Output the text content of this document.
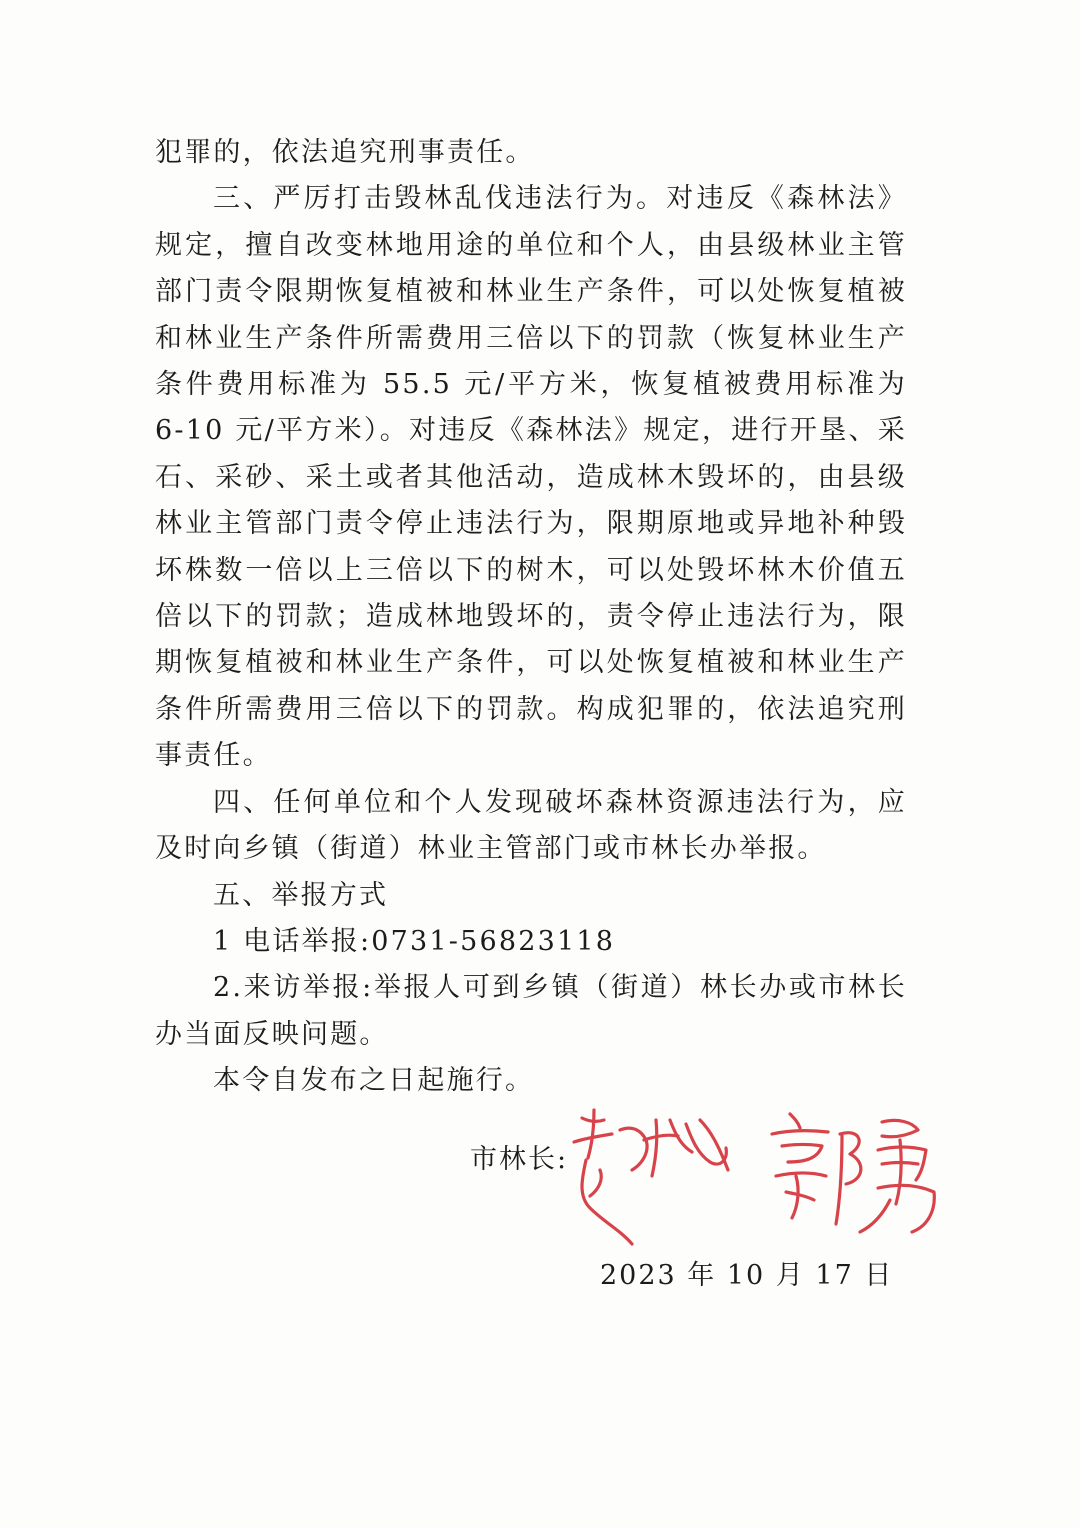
犯罪的，依法追究刑事责任。

三、严厉打击毁林乱伐违法行为。对违反《森林法》规定，擅自改变林地用途的单位和个人，由县级林业主管部门责令限期恢复植被和林业生产条件，可以处恢复植被和林业生产条件所需费用三倍以下的罚款（恢复林业生产条件费用标准为 55.5 元/平方米，恢复植被费用标准为 6-10 元/平方米）。对违反《森林法》规定，进行开垦、采石、采砂、采土或者其他活动，造成林木毁坏的，由县级林业主管部门责令停止违法行为，限期原地或异地补种毁坏株数一倍以上三倍以下的树木，可以处毁坏林木价值五倍以下的罚款；造成林地毁坏的，责令停止违法行为，限期恢复植被和林业生产条件，可以处恢复植被和林业生产条件所需费用三倍以下的罚款。构成犯罪的，依法追究刑事责任。

四、任何单位和个人发现破坏森林资源违法行为，应及时向乡镇（街道）林业主管部门或市林长办举报。

五、举报方式

1 电话举报:0731-56823118

2.来访举报:举报人可到乡镇（街道）林长办或市林长办当面反映问题。

本令自发布之日起施行。

市林长:
2023 年 10 月 17 日
